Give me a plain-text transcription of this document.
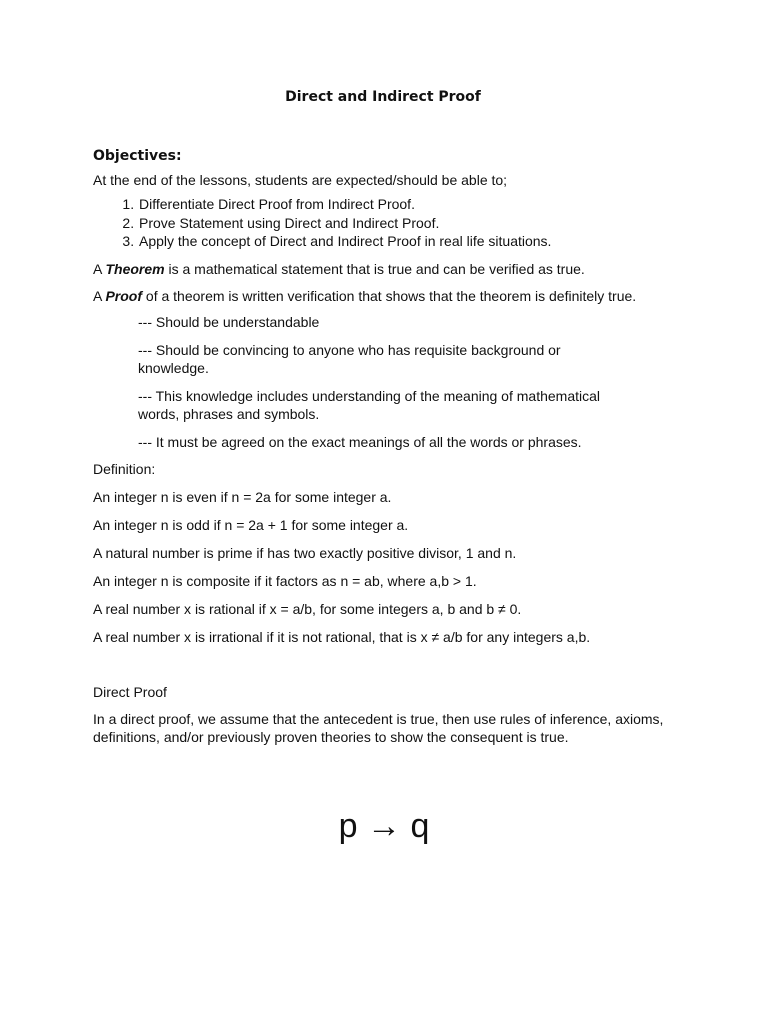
Direct and Indirect Proof

Objectives:

At the end of the lessons, students are expected/should be able to;

1. Differentiate Direct Proof from Indirect Proof.
2. Prove Statement using Direct and Indirect Proof.
3. Apply the concept of Direct and Indirect Proof in real life situations.

A Theorem is a mathematical statement that is true and can be verified as true.

A Proof of a theorem is written verification that shows that the theorem is definitely true.

--- Should be understandable

--- Should be convincing to anyone who has requisite background or knowledge.

--- This knowledge includes understanding of the meaning of mathematical words, phrases and symbols.

--- It must be agreed on the exact meanings of all the words or phrases.

Definition:

An integer n is even if n = 2a for some integer a.

An integer n is odd if n = 2a + 1 for some integer a.

A natural number is prime if has two exactly positive divisor, 1 and n.

An integer n is composite if it factors as n = ab, where a,b > 1.

A real number x is rational if x = a/b, for some integers a, b and b ≠ 0.

A real number x is irrational if it is not rational, that is x ≠ a/b for any integers a,b.

Direct Proof

In a direct proof, we assume that the antecedent is true, then use rules of inference, axioms, definitions, and/or previously proven theories to show the consequent is true.

p → q
